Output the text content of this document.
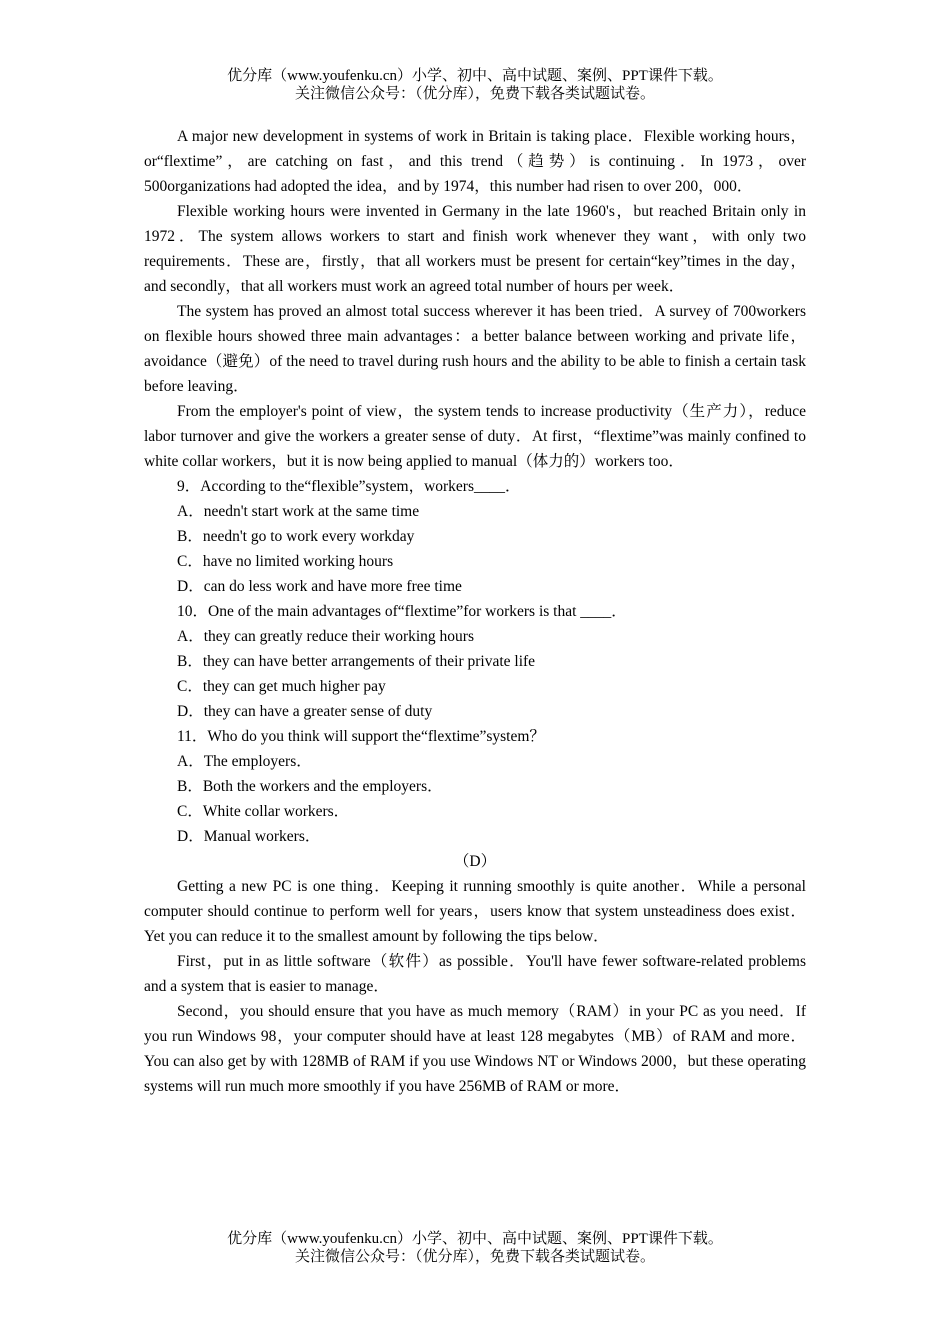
优分库（www.youfenku.cn）小学、初中、高中试题、案例、PPT课件下载。
关注微信公众号：（优分库），免费下载各类试题试卷。

A major new development in systems of work in Britain is taking place．Flexible working hours，or“flextime”，are catching on fast，and this trend（趋势）is continuing．In 1973，over 500organizations had adopted the idea，and by 1974，this number had risen to over 200，000．

Flexible working hours were invented in Germany in the late 1960's，but reached Britain only in 1972．The system allows workers to start and finish work whenever they want，with only two requirements．These are，firstly，that all workers must be present for certain“key”times in the day，and secondly，that all workers must work an agreed total number of hours per week．

The system has proved an almost total success wherever it has been tried．A survey of 700workers on flexible hours showed three main advantages：a better balance between working and private life，avoidance（避免）of the need to travel during rush hours and the ability to be able to finish a certain task before leaving．

From the employer's point of view，the system tends to increase productivity（生产力），reduce labor turnover and give the workers a greater sense of duty．At first，“flextime”was mainly confined to white collar workers，but it is now being applied to manual（体力的）workers too．

9．According to the“flexible”system，workers____．

A．needn't start work at the same time

B．needn't go to work every workday

C．have no limited working hours

D．can do less work and have more free time

10．One of the main advantages of“flextime”for workers is that ____．

A．they can greatly reduce their working hours

B．they can have better arrangements of their private life

C．they can get much higher pay

D．they can have a greater sense of duty

11．Who do you think will support the“flextime”system？

A．The employers．

B．Both the workers and the employers．

C．White collar workers．

D．Manual workers．

（D）

Getting a new PC is one thing．Keeping it running smoothly is quite another．While a personal computer should continue to perform well for years，users know that system unsteadiness does exist．Yet you can reduce it to the smallest amount by following the tips below．

First，put in as little software（软件）as possible．You'll have fewer software-related problems and a system that is easier to manage．

Second，you should ensure that you have as much memory（RAM）in your PC as you need．If you run Windows 98，your computer should have at least 128 megabytes（MB）of RAM and more．You can also get by with 128MB of RAM if you use Windows NT or Windows 2000，but these operating systems will run much more smoothly if you have 256MB of RAM or more．

优分库（www.youfenku.cn）小学、初中、高中试题、案例、PPT课件下载。
关注微信公众号：（优分库），免费下载各类试题试卷。
